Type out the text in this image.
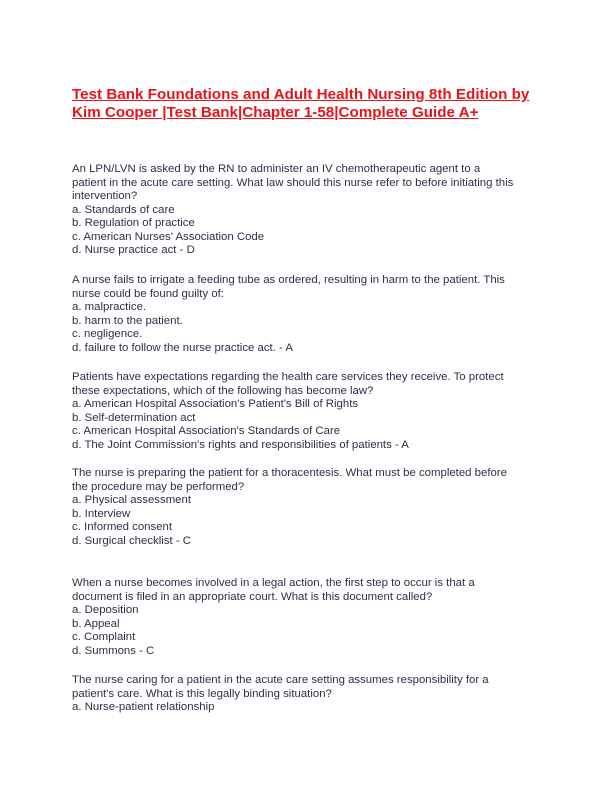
Test Bank Foundations and Adult Health Nursing 8th Edition by
Kim Cooper |Test Bank|Chapter 1-58|Complete Guide A+
An LPN/LVN is asked by the RN to administer an IV chemotherapeutic agent to a
patient in the acute care setting. What law should this nurse refer to before initiating this
intervention?
a. Standards of care
b. Regulation of practice
c. American Nurses' Association Code
d. Nurse practice act - D
A nurse fails to irrigate a feeding tube as ordered, resulting in harm to the patient. This
nurse could be found guilty of:
a. malpractice.
b. harm to the patient.
c. negligence.
d. failure to follow the nurse practice act. - A
Patients have expectations regarding the health care services they receive. To protect
these expectations, which of the following has become law?
a. American Hospital Association's Patient's Bill of Rights
b. Self-determination act
c. American Hospital Association's Standards of Care
d. The Joint Commission's rights and responsibilities of patients - A
The nurse is preparing the patient for a thoracentesis. What must be completed before
the procedure may be performed?
a. Physical assessment
b. Interview
c. Informed consent
d. Surgical checklist - C
When a nurse becomes involved in a legal action, the first step to occur is that a
document is filed in an appropriate court. What is this document called?
a. Deposition
b. Appeal
c. Complaint
d. Summons - C
The nurse caring for a patient in the acute care setting assumes responsibility for a
patient's care. What is this legally binding situation?
a. Nurse-patient relationship
